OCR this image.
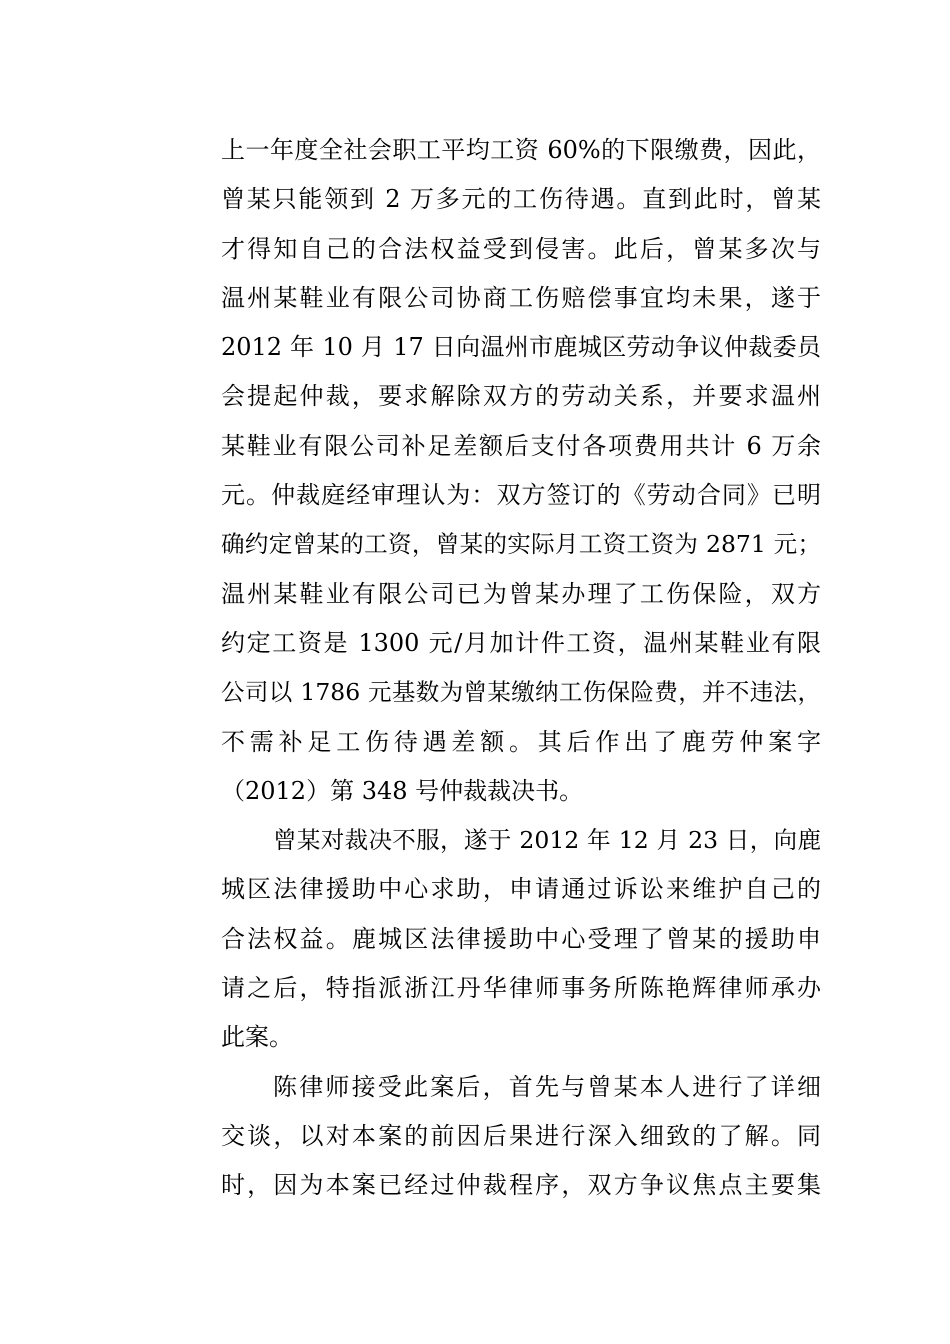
上一年度全社会职工平均工资 60%的下限缴费，因此，
曾某只能领到 2 万多元的工伤待遇。直到此时，曾某
才得知自己的合法权益受到侵害。此后，曾某多次与
温州某鞋业有限公司协商工伤赔偿事宜均未果，遂于
2012 年 10 月 17 日向温州市鹿城区劳动争议仲裁委员
会提起仲裁，要求解除双方的劳动关系，并要求温州
某鞋业有限公司补足差额后支付各项费用共计 6 万余
元。仲裁庭经审理认为：双方签订的《劳动合同》已明
确约定曾某的工资，曾某的实际月工资工资为 2871 元；
温州某鞋业有限公司已为曾某办理了工伤保险，双方
约定工资是 1300 元/月加计件工资，温州某鞋业有限
公司以 1786 元基数为曾某缴纳工伤保险费，并不违法，
不需补足工伤待遇差额。其后作出了鹿劳仲案字
（2012）第 348 号仲裁裁决书。
曾某对裁决不服，遂于 2012 年 12 月 23 日，向鹿
城区法律援助中心求助，申请通过诉讼来维护自己的
合法权益。鹿城区法律援助中心受理了曾某的援助申
请之后，特指派浙江丹华律师事务所陈艳辉律师承办
此案。
陈律师接受此案后，首先与曾某本人进行了详细
交谈，以对本案的前因后果进行深入细致的了解。同
时，因为本案已经过仲裁程序，双方争议焦点主要集
